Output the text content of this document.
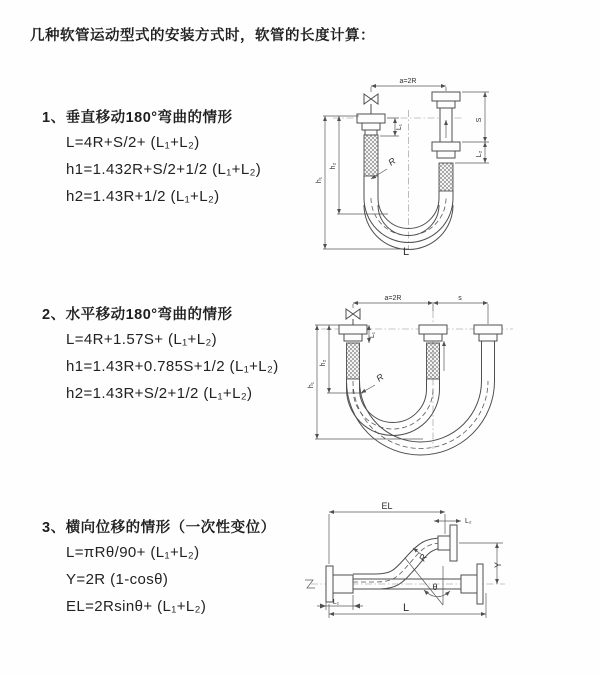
几种软管运动型式的安装方式时，软管的长度计算：
1、垂直移动180°弯曲的情形
L=4R+S/2+ (L₁+L₂)
h1=1.432R+S/2+1/2 (L₁+L₂)
h2=1.43R+1/2 (L₁+L₂)
2、水平移动180°弯曲的情形
L=4R+1.57S+ (L₁+L₂)
h1=1.43R+0.785S+1/2 (L₁+L₂)
h2=1.43R+S/2+1/2 (L₁+L₂)
3、横向位移的情形（一次性变位）
L=πRθ/90+ (L₁+L₂)
Y=2R (1-cosθ)
EL=2Rsinθ+ (L₁+L₂)
a=2R
S
L₂
h₁
h₂
L₁
R
L
a=2R	s
L₁
h₁
h₂
R
EL
L₂
Y
R
θ
L₁	L
